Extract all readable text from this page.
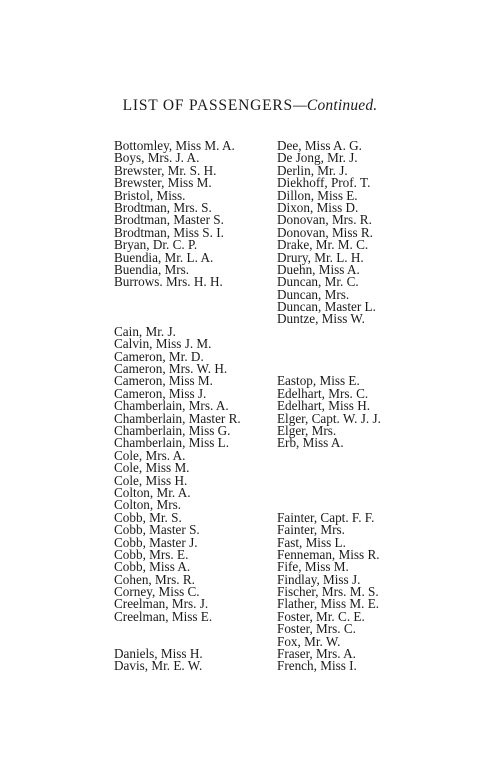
LIST OF PASSENGERS—Continued.
Bottomley, Miss M. A.
Boys, Mrs. J. A.
Brewster, Mr. S. H.
Brewster, Miss M.
Bristol, Miss.
Brodtman, Mrs. S.
Brodtman, Master S.
Brodtman, Miss S. I.
Bryan, Dr. C. P.
Buendia, Mr. L. A.
Buendia, Mrs.
Burrows. Mrs. H. H.
Cain, Mr. J.
Calvin, Miss J. M.
Cameron, Mr. D.
Cameron, Mrs. W. H.
Cameron, Miss M.
Cameron, Miss J.
Chamberlain, Mrs. A.
Chamberlain, Master R.
Chamberlain, Miss G.
Chamberlain, Miss L.
Cole, Mrs. A.
Cole, Miss M.
Cole, Miss H.
Colton, Mr. A.
Colton, Mrs.
Cobb, Mr. S.
Cobb, Master S.
Cobb, Master J.
Cobb, Mrs. E.
Cobb, Miss A.
Cohen, Mrs. R.
Corney, Miss C.
Creelman, Mrs. J.
Creelman, Miss E.
Daniels, Miss H.
Davis, Mr. E. W.
Dee, Miss A. G.
De Jong, Mr. J.
Derlin, Mr. J.
Diekhoff, Prof. T.
Dillon, Miss E.
Dixon, Miss D.
Donovan, Mrs. R.
Donovan, Miss R.
Drake, Mr. M. C.
Drury, Mr. L. H.
Duehn, Miss A.
Duncan, Mr. C.
Duncan, Mrs.
Duncan, Master L.
Duntze, Miss W.
Eastop, Miss E.
Edelhart, Mrs. C.
Edelhart, Miss H.
Elger, Capt. W. J. J.
Elger, Mrs.
Erb, Miss A.
Fainter, Capt. F. F.
Fainter, Mrs.
Fast, Miss L.
Fenneman, Miss R.
Fife, Miss M.
Findlay, Miss J.
Fischer, Mrs. M. S.
Flather, Miss M. E.
Foster, Mr. C. E.
Foster, Mrs. C.
Fox, Mr. W.
Fraser, Mrs. A.
French, Miss I.
